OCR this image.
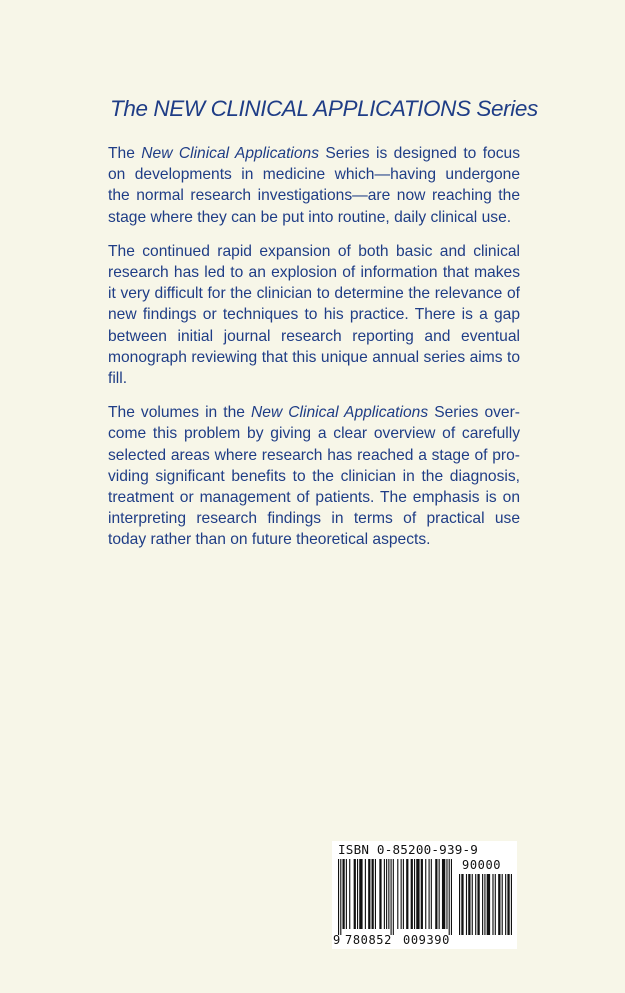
The NEW CLINICAL APPLICATIONS Series

The New Clinical Applications Series is designed to focus on developments in medicine which—having undergone the normal research investigations—are now reaching the stage where they can be put into routine, daily clinical use.

The continued rapid expansion of both basic and clinical research has led to an explosion of information that makes it very difficult for the clinician to determine the relevance of new findings or techniques to his practice. There is a gap between initial journal research reporting and eventual monograph reviewing that this unique annual series aims to fill.

The volumes in the New Clinical Applications Series overcome this problem by giving a clear overview of carefully selected areas where research has reached a stage of providing significant benefits to the clinician in the diagnosis, treatment or management of patients. The emphasis is on interpreting research findings in terms of practical use today rather than on future theoretical aspects.

ISBN 0-85200-939-9
90000
9 780852 009390
